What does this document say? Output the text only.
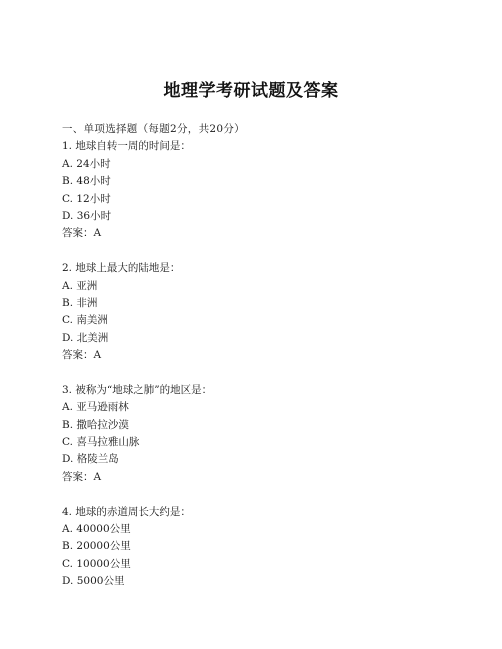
地理学考研试题及答案
一、单项选择题（每题2分，共20分）
1. 地球自转一周的时间是：
A. 24小时
B. 48小时
C. 12小时
D. 36小时
答案：A
2. 地球上最大的陆地是：
A. 亚洲
B. 非洲
C. 南美洲
D. 北美洲
答案：A
3. 被称为“地球之肺”的地区是：
A. 亚马逊雨林
B. 撒哈拉沙漠
C. 喜马拉雅山脉
D. 格陵兰岛
答案：A
4. 地球的赤道周长大约是：
A. 40000公里
B. 20000公里
C. 10000公里
D. 5000公里
